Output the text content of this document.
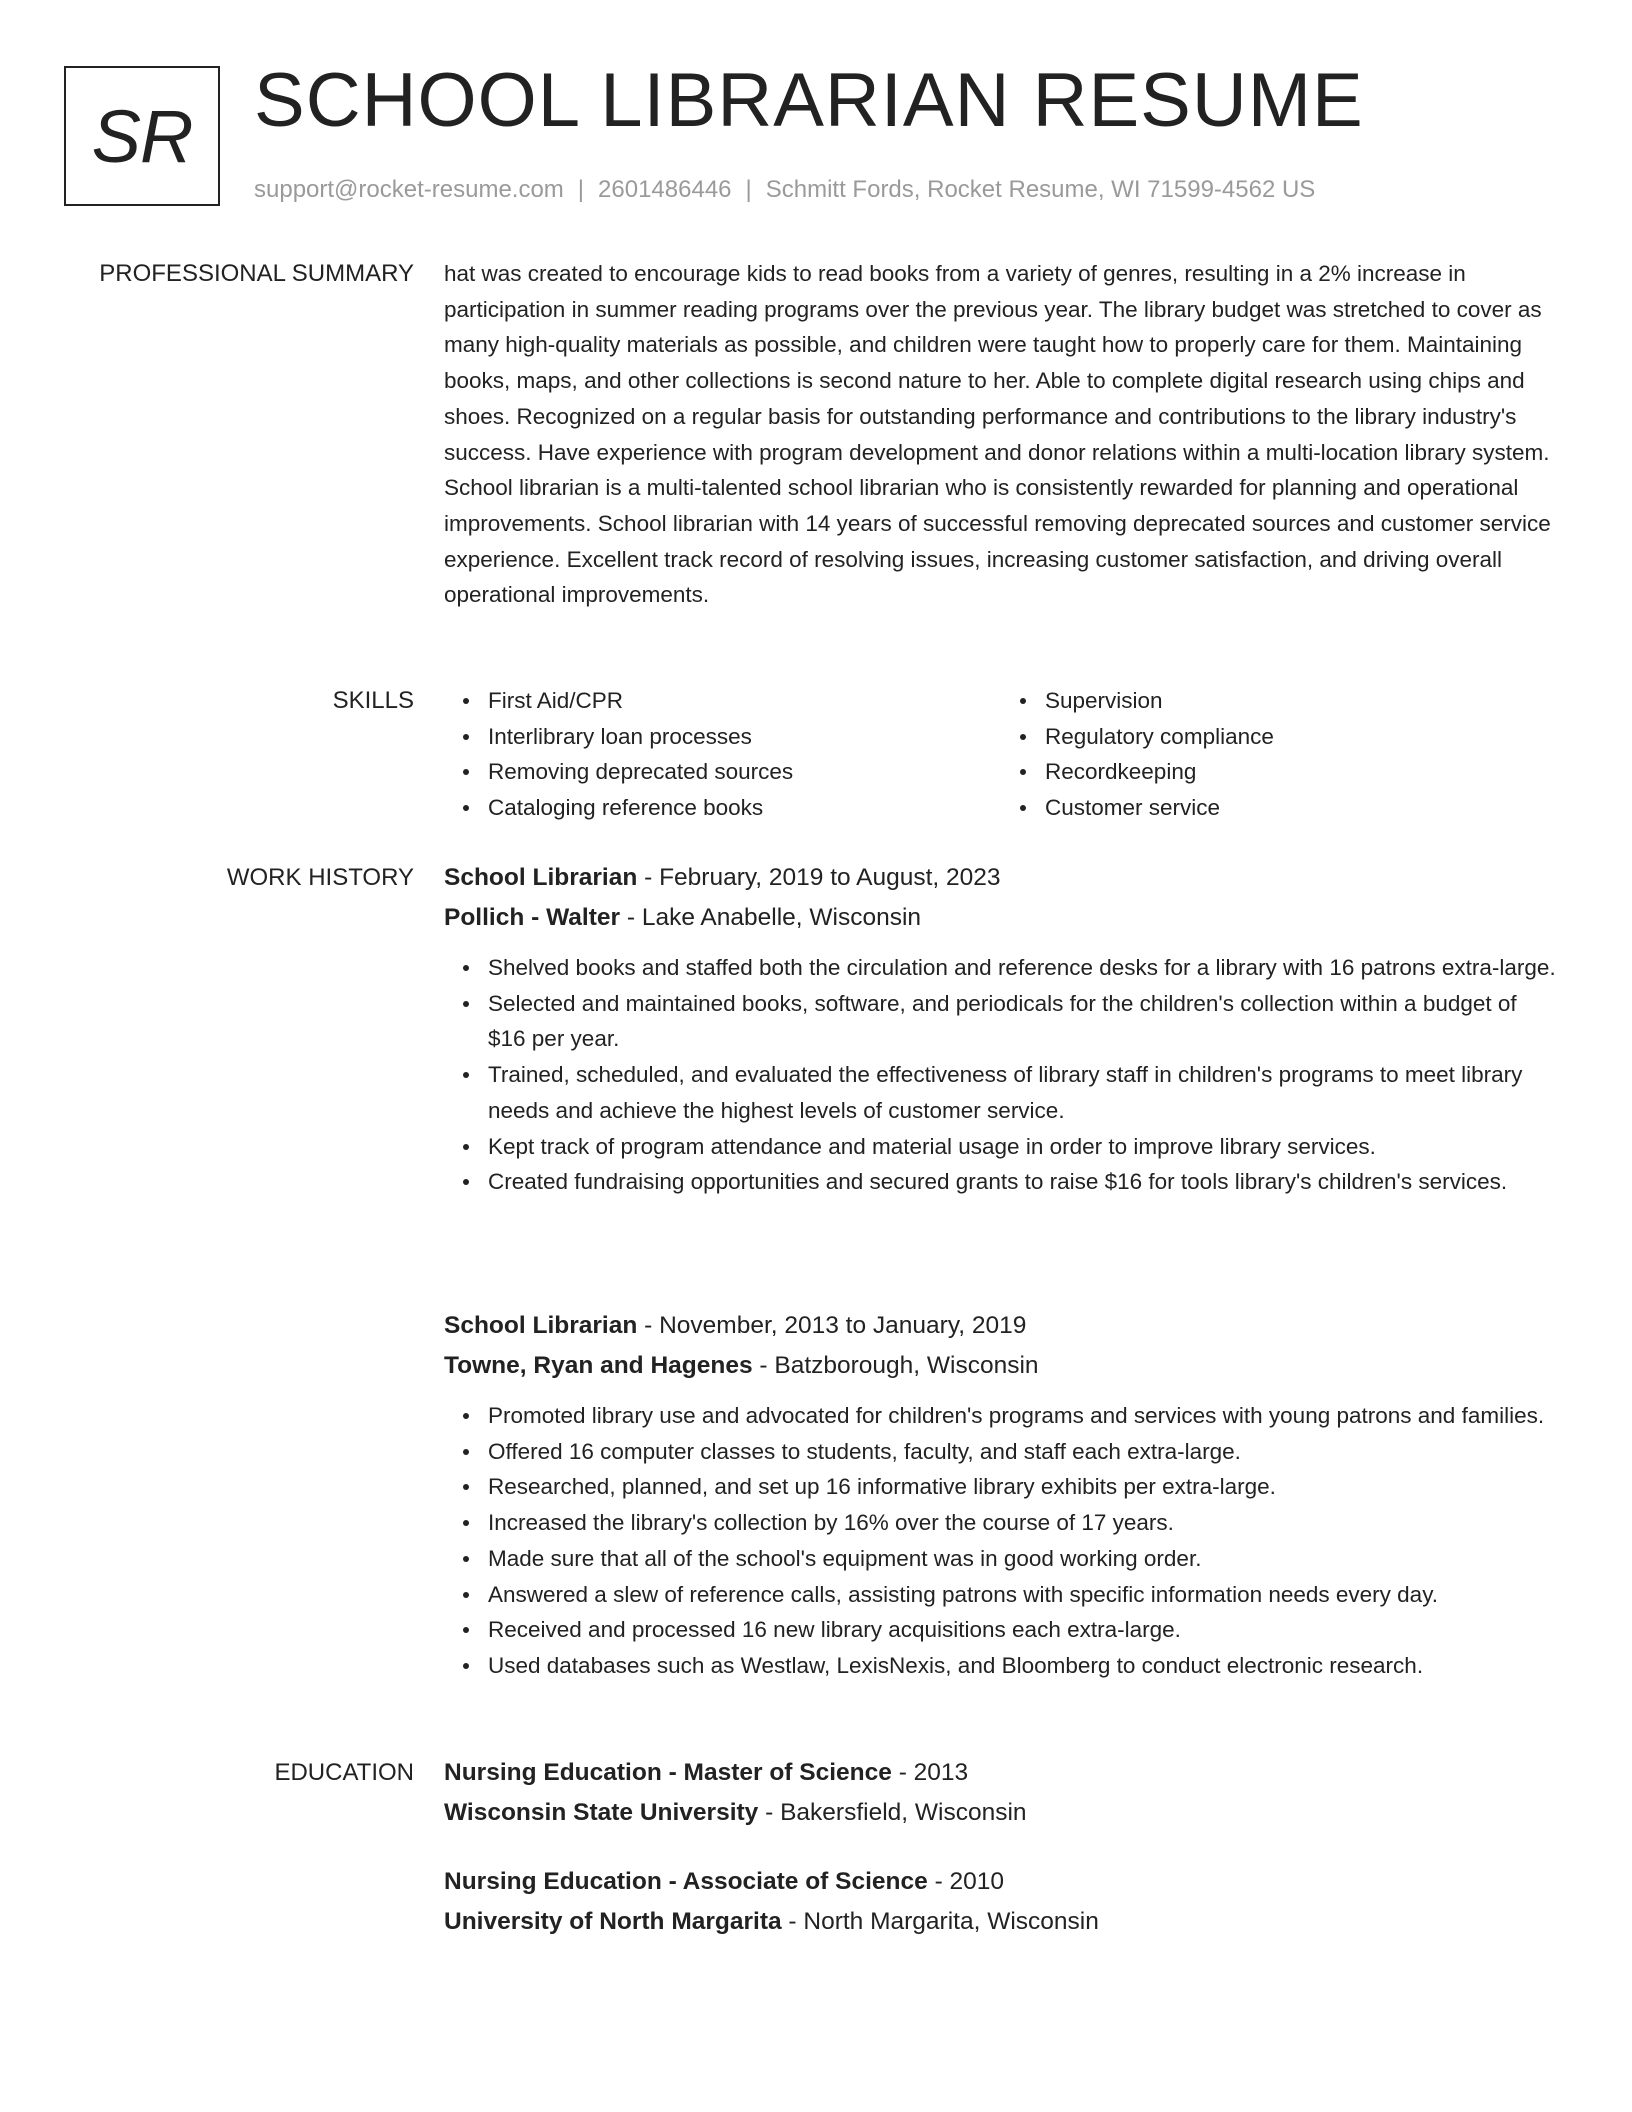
SR SCHOOL LIBRARIAN RESUME
support@rocket-resume.com | 2601486446 | Schmitt Fords, Rocket Resume, WI 71599-4562 US
PROFESSIONAL SUMMARY hat was created to encourage kids to read books from a variety of genres, resulting in a 2% increase in participation in summer reading programs over the previous year. The library budget was stretched to cover as many high-quality materials as possible, and children were taught how to properly care for them. Maintaining books, maps, and other collections is second nature to her. Able to complete digital research using chips and shoes. Recognized on a regular basis for outstanding performance and contributions to the library industry's success. Have experience with program development and donor relations within a multi-location library system. School librarian is a multi-talented school librarian who is consistently rewarded for planning and operational improvements. School librarian with 14 years of successful removing deprecated sources and customer service experience. Excellent track record of resolving issues, increasing customer satisfaction, and driving overall operational improvements.

SKILLS	First Aid/CPR
Interlibrary loan processes
Removing deprecated sources
Cataloging reference books
Supervision
Regulatory compliance
Recordkeeping
Customer service
WORK HISTORY School Librarian - February, 2019 to August, 2023
Pollich - Walter - Lake Anabelle, Wisconsin
Shelved books and staffed both the circulation and reference desks for a library with 16 patrons extra-large.
Selected and maintained books, software, and periodicals for the children's collection within a budget of $16 per year.
Trained, scheduled, and evaluated the effectiveness of library staff in children's programs to meet library needs and achieve the highest levels of customer service.
Kept track of program attendance and material usage in order to improve library services.
Created fundraising opportunities and secured grants to raise $16 for tools library's children's services.
School Librarian - November, 2013 to January, 2019
Towne, Ryan and Hagenes - Batzborough, Wisconsin
Promoted library use and advocated for children's programs and services with young patrons and families.
Offered 16 computer classes to students, faculty, and staff each extra-large.
Researched, planned, and set up 16 informative library exhibits per extra-large.
Increased the library's collection by 16% over the course of 17 years.
Made sure that all of the school's equipment was in good working order.
Answered a slew of reference calls, assisting patrons with specific information needs every day.
Received and processed 16 new library acquisitions each extra-large.
Used databases such as Westlaw, LexisNexis, and Bloomberg to conduct electronic research.
EDUCATION Nursing Education - Master of Science - 2013
Wisconsin State University - Bakersfield, Wisconsin
Nursing Education - Associate of Science - 2010
University of North Margarita - North Margarita, Wisconsin
